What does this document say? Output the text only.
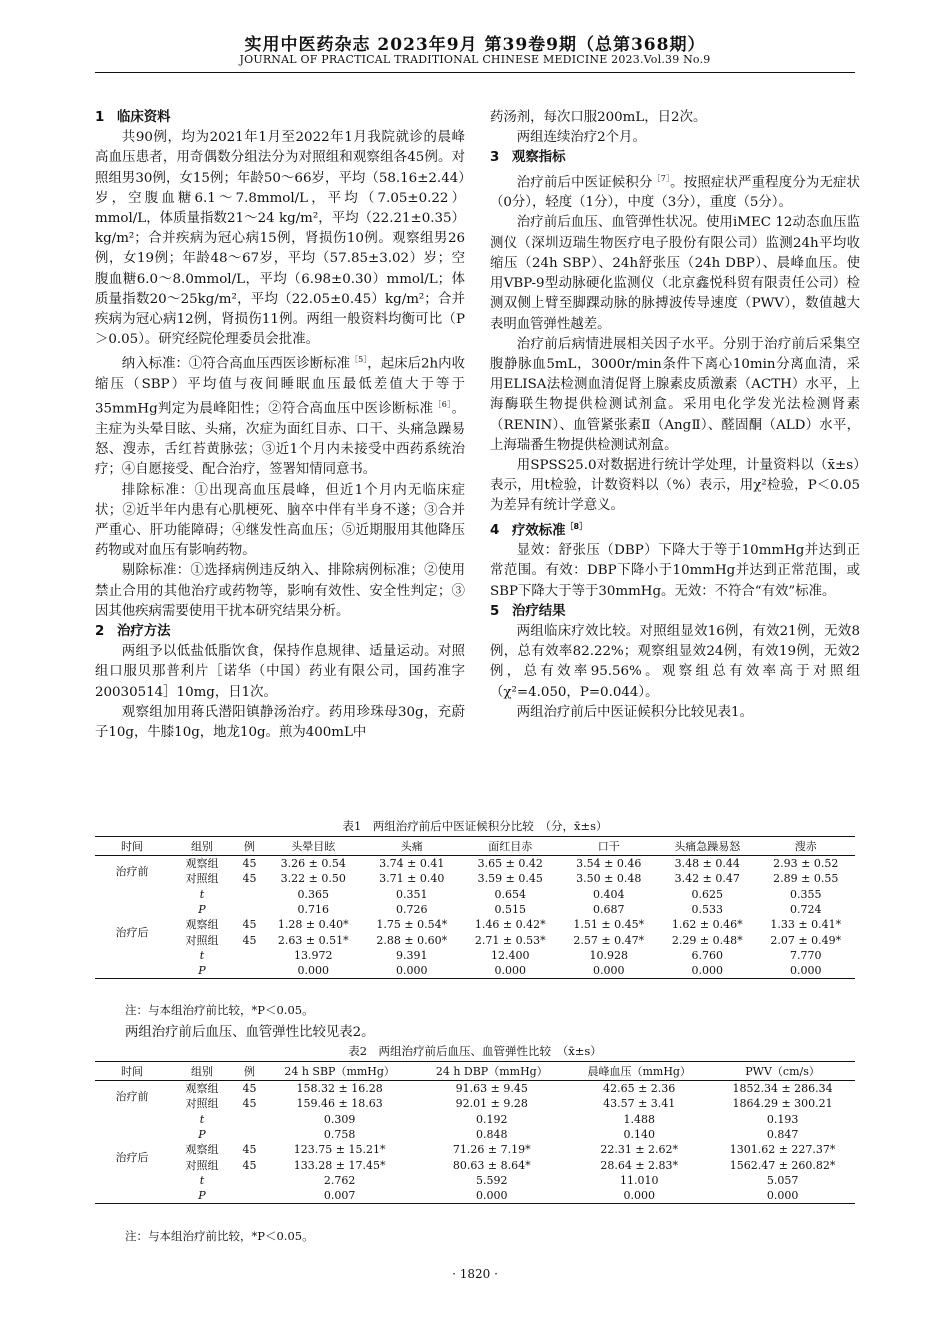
实用中医药杂志 2023年9月 第39卷9期（总第368期）
JOURNAL OF PRACTICAL TRADITIONAL CHINESE MEDICINE 2023.Vol.39 No.9
1 临床资料

共90例，均为2021年1月至2022年1月我院就诊的晨峰高血压患者，用奇偶数分组法分为对照组和观察组各45例。对照组男30例，女15例；年龄50～66岁，平均（58.16±2.44）岁，空腹血糖6.1～7.8mmol/L，平均（7.05±0.22）mmol/L，体质量指数21～24 kg/m²，平均（22.21±0.35）kg/m²；合并疾病为冠心病15例，肾损伤10例。观察组男26例，女19例；年龄48～67岁，平均（57.85±3.02）岁；空腹血糖6.0～8.0mmol/L，平均（6.98±0.30）mmol/L；体质量指数20～25kg/m²，平均（22.05±0.45）kg/m²；合并疾病为冠心病12例，肾损伤11例。两组一般资料均衡可比（P＞0.05）。研究经院伦理委员会批准。

纳入标准：①符合高血压西医诊断标准$^{[5]}$，起床后2h内收缩压（SBP）平均值与夜间睡眠血压最低差值大于等于35mmHg判定为晨峰阳性；②符合高血压中医诊断标准$^{[6]}$。主症为头晕目眩、头痛，次症为面红目赤、口干、头痛急躁易怒、溲赤，舌红苔黄脉弦；③近1个月内未接受中西药系统治疗；④自愿接受、配合治疗，签署知情同意书。

排除标准：①出现高血压晨峰，但近1个月内无临床症状；②近半年内患有心肌梗死、脑卒中伴有半身不遂；③合并严重心、肝功能障碍；④继发性高血压；⑤近期服用其他降压药物或对血压有影响药物。

剔除标准：①选择病例违反纳入、排除病例标准；②使用禁止合用的其他治疗或药物等，影响有效性、安全性判定；③因其他疾病需要使用干扰本研究结果分析。

2 治疗方法

两组予以低盐低脂饮食，保持作息规律、适量运动。对照组口服贝那普利片［诺华（中国）药业有限公司，国药准字20030514］10mg，日1次。

观察组加用蒋氏潜阳镇静汤治疗。药用珍珠母30g，充蔚子10g，牛膝10g，地龙10g。煎为400mL中

药汤剂，每次口服200mL，日2次。

两组连续治疗2个月。

3 观察指标

治疗前后中医证候积分$^{[7]}$。按照症状严重程度分为无症状（0分），轻度（1分），中度（3分），重度（5分）。

治疗前后血压、血管弹性状况。使用iMEC 12动态血压监测仪（深圳迈瑞生物医疗电子股份有限公司）监测24h平均收缩压（24h SBP）、24h舒张压（24h DBP）、晨峰血压。使用VBP-9型动脉硬化监测仪（北京鑫悦科贸有限责任公司）检测双侧上臂至脚踝动脉的脉搏波传导速度（PWV），数值越大表明血管弹性越差。

治疗前后病情进展相关因子水平。分别于治疗前后采集空腹静脉血5mL，3000r/min条件下离心10min分离血清，采用ELISA法检测血清促肾上腺素皮质激素（ACTH）水平，上海酶联生物提供检测试剂盒。采用电化学发光法检测肾素（RENIN）、血管紧张素Ⅱ（AngⅡ）、醛固酮（ALD）水平，上海瑞番生物提供检测试剂盒。

用SPSS25.0对数据进行统计学处理，计量资料以（x̄±s）表示，用t检验，计数资料以（%）表示，用χ²检验，P＜0.05为差异有统计学意义。

4 疗效标准$^{[8]}$

显效：舒张压（DBP）下降大于等于10mmHg并达到正常范围。有效：DBP下降小于10mmHg并达到正常范围，或SBP下降大于等于30mmHg。无效：不符合“有效”标准。

5 治疗结果

两组临床疗效比较。对照组显效16例，有效21例，无效8例，总有效率82.22%；观察组显效24例，有效19例，无效2例，总有效率95.56%。观察组总有效率高于对照组（χ²=4.050，P=0.044）。

两组治疗前后中医证候积分比较见表1。

表1　两组治疗前后中医证候积分比较　（分，x̄±s）
时间	组别	例	头晕目眩	头痛	面红目赤	口干	头痛急躁易怒	溲赤
治疗前	观察组	45	3.26 ± 0.54	3.74 ± 0.41	3.65 ± 0.42	3.54 ± 0.46	3.48 ± 0.44	2.93 ± 0.52
	对照组	45	3.22 ± 0.50	3.71 ± 0.40	3.59 ± 0.45	3.50 ± 0.48	3.42 ± 0.47	2.89 ± 0.55
	t		0.365	0.351	0.654	0.404	0.625	0.355
	P		0.716	0.726	0.515	0.687	0.533	0.724
治疗后	观察组	45	1.28 ± 0.40*	1.75 ± 0.54*	1.46 ± 0.42*	1.51 ± 0.45*	1.62 ± 0.46*	1.33 ± 0.41*
	对照组	45	2.63 ± 0.51*	2.88 ± 0.60*	2.71 ± 0.53*	2.57 ± 0.47*	2.29 ± 0.48*	2.07 ± 0.49*
	t		13.972	9.391	12.400	10.928	6.760	7.770
	P		0.000	0.000	0.000	0.000	0.000	0.000
注：与本组治疗前比较，*P＜0.05。
两组治疗前后血压、血管弹性比较见表2。
表2　两组治疗前后血压、血管弹性比较　（x̄±s）
时间	组别	例	24 h SBP（mmHg）	24 h DBP（mmHg）	晨峰血压（mmHg）	PWV（cm/s）
治疗前	观察组	45	158.32 ± 16.28	91.63 ± 9.45	42.65 ± 2.36	1852.34 ± 286.34
	对照组	45	159.46 ± 18.63	92.01 ± 9.28	43.57 ± 3.41	1864.29 ± 300.21
	t		0.309	0.192	1.488	0.193
	P		0.758	0.848	0.140	0.847
治疗后	观察组	45	123.75 ± 15.21*	71.26 ± 7.19*	22.31 ± 2.62*	1301.62 ± 227.37*
	对照组	45	133.28 ± 17.45*	80.63 ± 8.64*	28.64 ± 2.83*	1562.47 ± 260.82*
	t		2.762	5.592	11.010	5.057
	P		0.007	0.000	0.000	0.000
注：与本组治疗前比较，*P＜0.05。
· 1820 ·
